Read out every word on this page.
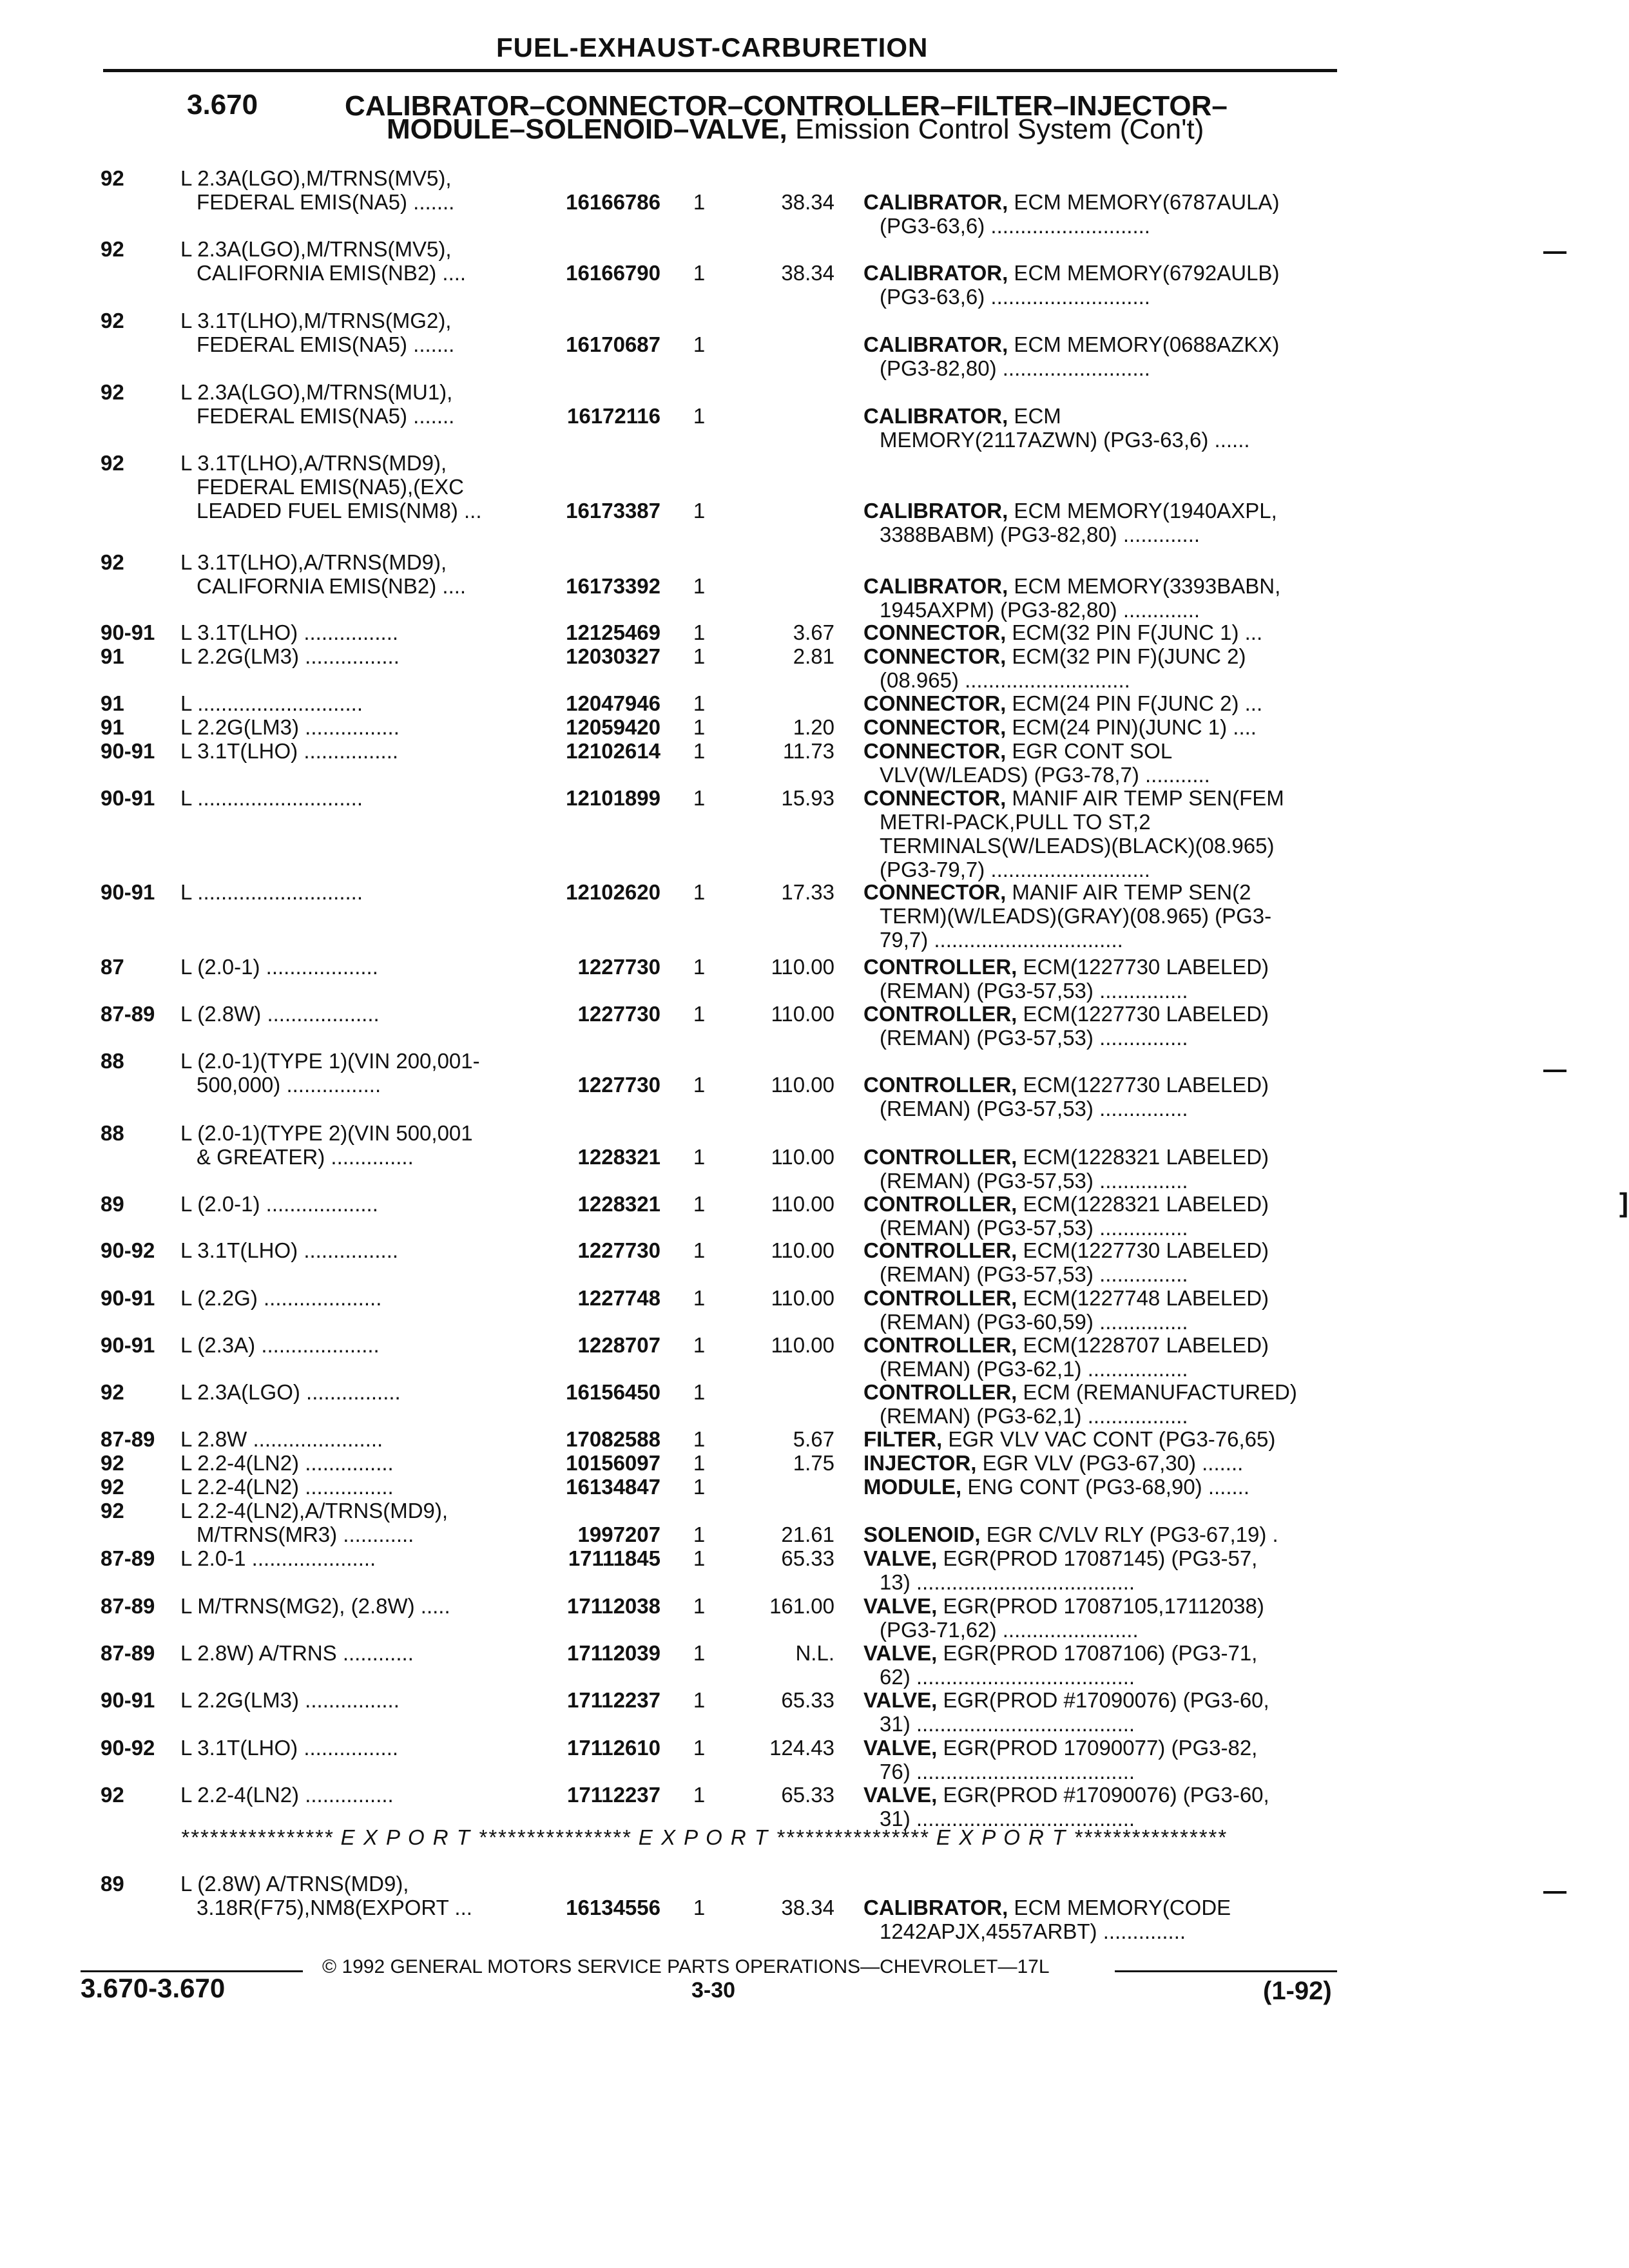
FUEL-EXHAUST-CARBURETION
3.670	CALIBRATOR–CONNECTOR–CONTROLLER–FILTER–INJECTOR–
MODULE–SOLENOID–VALVE, Emission Control System (Con't)
92	L 2.3A(LGO),M/TRNS(MV5),
FEDERAL EMIS(NA5) .......	16166786 1	38.34 CALIBRATOR, ECM MEMORY(6787AULA)
(PG3-63,6) ...........................
92	L 2.3A(LGO),M/TRNS(MV5),
CALIFORNIA EMIS(NB2) ....	16166790 1	38.34 CALIBRATOR, ECM MEMORY(6792AULB)
(PG3-63,6) ...........................
92	L 3.1T(LHO),M/TRNS(MG2),
FEDERAL EMIS(NA5) .......	16170687 1	CALIBRATOR, ECM MEMORY(0688AZKX)
(PG3-82,80) .........................
92	L 2.3A(LGO),M/TRNS(MU1),
FEDERAL EMIS(NA5) .......	16172116 1	CALIBRATOR, ECM
MEMORY(2117AZWN) (PG3-63,6) ......
92	L 3.1T(LHO),A/TRNS(MD9),
FEDERAL EMIS(NA5),(EXC
LEADED FUEL EMIS(NM8) ...	16173387 1	CALIBRATOR, ECM MEMORY(1940AXPL,
3388BABM) (PG3-82,80) .............
92	L 3.1T(LHO),A/TRNS(MD9),
CALIFORNIA EMIS(NB2) ....	16173392 1	CALIBRATOR, ECM MEMORY(3393BABN,
1945AXPM) (PG3-82,80) .............
90-91 L 3.1T(LHO) ................	12125469 1	3.67 CONNECTOR, ECM(32 PIN F(JUNC 1) ...
91	L 2.2G(LM3) ................	12030327 1	2.81 CONNECTOR, ECM(32 PIN F)(JUNC 2)
(08.965) ............................
91	L ............................	12047946 1	CONNECTOR, ECM(24 PIN F(JUNC 2) ...
91	L 2.2G(LM3) ................	12059420 1	1.20 CONNECTOR, ECM(24 PIN)(JUNC 1) ....
90-91 L 3.1T(LHO) ................	12102614 1	11.73 CONNECTOR, EGR CONT SOL
VLV(W/LEADS) (PG3-78,7) ...........
90-91 L ............................	12101899 1	15.93 CONNECTOR, MANIF AIR TEMP SEN(FEM
METRI-PACK,PULL TO ST,2
TERMINALS(W/LEADS)(BLACK)(08.965)
(PG3-79,7) ...........................
90-91 L ............................	12102620 1	17.33 CONNECTOR, MANIF AIR TEMP SEN(2
TERM)(W/LEADS)(GRAY)(08.965) (PG3-
79,7) ................................
87	L (2.0-1) ...................	1227730 1	110.00 CONTROLLER, ECM(1227730 LABELED)
(REMAN) (PG3-57,53) ...............
87-89 L (2.8W) ...................	1227730 1	110.00 CONTROLLER, ECM(1227730 LABELED)
(REMAN) (PG3-57,53) ...............
88	L (2.0-1)(TYPE 1)(VIN 200,001-
500,000) ................	1227730 1	110.00 CONTROLLER, ECM(1227730 LABELED)
(REMAN) (PG3-57,53) ...............
88	L (2.0-1)(TYPE 2)(VIN 500,001
& GREATER) ..............	1228321 1	110.00 CONTROLLER, ECM(1228321 LABELED)
(REMAN) (PG3-57,53) ...............
89	L (2.0-1) ...................	1228321 1	110.00 CONTROLLER, ECM(1228321 LABELED)
(REMAN) (PG3-57,53) ...............
90-92 L 3.1T(LHO) ................	1227730 1	110.00 CONTROLLER, ECM(1227730 LABELED)
(REMAN) (PG3-57,53) ...............
90-91 L (2.2G) ....................	1227748 1	110.00 CONTROLLER, ECM(1227748 LABELED)
(REMAN) (PG3-60,59) ...............
90-91 L (2.3A) ....................	1228707 1	110.00 CONTROLLER, ECM(1228707 LABELED)
(REMAN) (PG3-62,1) .................
92	L 2.3A(LGO) ................	16156450 1	CONTROLLER, ECM (REMANUFACTURED)
(REMAN) (PG3-62,1) .................
87-89 L 2.8W ......................	17082588 1	5.67 FILTER, EGR VLV VAC CONT (PG3-76,65)
92	L 2.2-4(LN2) ...............	10156097 1	1.75 INJECTOR, EGR VLV (PG3-67,30) .......
92	L 2.2-4(LN2) ...............	16134847 1	MODULE, ENG CONT (PG3-68,90) .......
92	L 2.2-4(LN2),A/TRNS(MD9),
M/TRNS(MR3) ............	1997207 1	21.61 SOLENOID, EGR C/VLV RLY (PG3-67,19) .
87-89 L 2.0-1 .....................	17111845 1	65.33 VALVE, EGR(PROD 17087145) (PG3-57,
13) .....................................
87-89 L M/TRNS(MG2), (2.8W) .....	17112038 1	161.00 VALVE, EGR(PROD 17087105,17112038)
(PG3-71,62) .......................
87-89 L 2.8W) A/TRNS ............	17112039 1	N.L. VALVE, EGR(PROD 17087106) (PG3-71,
62) .....................................
90-91 L 2.2G(LM3) ................	17112237 1	65.33 VALVE, EGR(PROD #17090076) (PG3-60,
31) .....................................
90-92 L 3.1T(LHO) ................	17112610 1	124.43 VALVE, EGR(PROD 17090077) (PG3-82,
76) .....................................
92	L 2.2-4(LN2) ...............	17112237 1	65.33 VALVE, EGR(PROD #17090076) (PG3-60,
31) .....................................
89	L (2.8W) A/TRNS(MD9),
3.18R(F75),NM8(EXPORT ...	16134556 1	38.34 CALIBRATOR, ECM MEMORY(CODE
1242APJX,4557ARBT) ..............
**************** E X P O R T **************** E X P O R T **************** E X P O R T ****************
© 1992 GENERAL MOTORS SERVICE PARTS OPERATIONS—CHEVROLET—17L
3.670-3.670	3-30	(1-92)
]
